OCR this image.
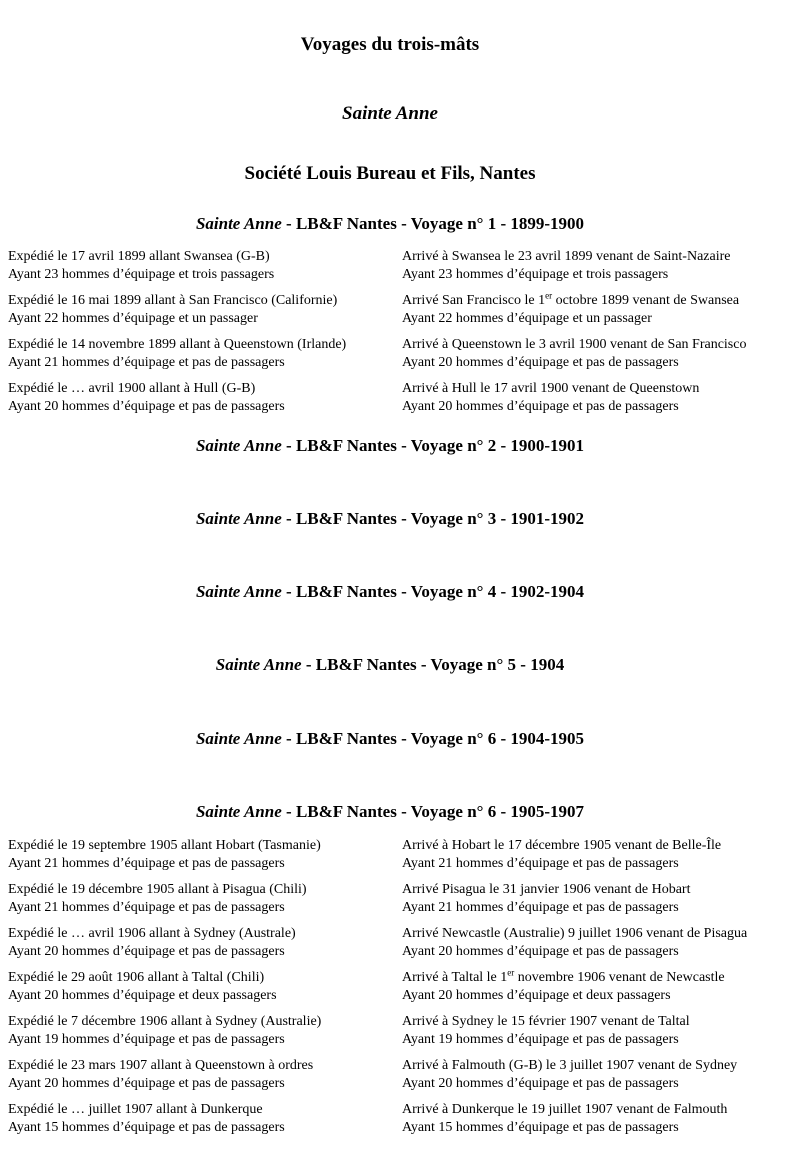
Voyages du trois-mâts
Sainte Anne
Société Louis Bureau et Fils, Nantes
Sainte Anne - LB&F Nantes - Voyage n° 1 - 1899-1900
Expédié le 17 avril 1899 allant Swansea (G-B)
Ayant 23 hommes d’équipage et trois passagers
Arrivé à Swansea le 23 avril 1899 venant de Saint-Nazaire
Ayant 23 hommes d’équipage et trois passagers
Expédié le 16 mai 1899 allant à San Francisco (Californie)
Ayant 22 hommes d’équipage et un passager
Arrivé San Francisco le 1er octobre 1899 venant de Swansea
Ayant 22 hommes d’équipage et un passager
Expédié le 14 novembre 1899 allant à Queenstown (Irlande)
Ayant 21 hommes d’équipage et pas de passagers
Arrivé à Queenstown le 3 avril 1900 venant de San Francisco
Ayant 20 hommes d’équipage et pas de passagers
Expédié le … avril 1900 allant à Hull (G-B)
Ayant 20 hommes d’équipage et pas de passagers
Arrivé à Hull le 17 avril 1900 venant de Queenstown
Ayant 20 hommes d’équipage et pas de passagers
Sainte Anne - LB&F Nantes - Voyage n° 2 - 1900-1901
Sainte Anne - LB&F Nantes - Voyage n° 3 - 1901-1902
Sainte Anne - LB&F Nantes - Voyage n° 4 - 1902-1904
Sainte Anne - LB&F Nantes - Voyage n° 5 - 1904
Sainte Anne - LB&F Nantes - Voyage n° 6 - 1904-1905
Sainte Anne - LB&F Nantes - Voyage n° 6 - 1905-1907
Expédié le 19 septembre 1905 allant Hobart (Tasmanie)
Ayant 21 hommes d’équipage et pas de passagers
Arrivé à Hobart le 17 décembre 1905 venant de Belle-Île
Ayant 21 hommes d’équipage et pas de passagers
Expédié le 19 décembre 1905 allant à Pisagua (Chili)
Ayant 21 hommes d’équipage et pas de passagers
Arrivé Pisagua le 31 janvier 1906 venant de Hobart
Ayant 21 hommes d’équipage et pas de passagers
Expédié le … avril 1906 allant à Sydney (Australe)
Ayant 20 hommes d’équipage et pas de passagers
Arrivé Newcastle (Australie) 9 juillet 1906 venant de Pisagua
Ayant 20 hommes d’équipage et pas de passagers
Expédié le 29 août 1906 allant à Taltal (Chili)
Ayant 20 hommes d’équipage et deux passagers
Arrivé à Taltal le 1er novembre 1906 venant de Newcastle
Ayant 20 hommes d’équipage et deux passagers
Expédié le 7 décembre 1906 allant à Sydney (Australie)
Ayant 19 hommes d’équipage et pas de passagers
Arrivé à Sydney le 15 février 1907 venant de Taltal
Ayant 19 hommes d’équipage et pas de passagers
Expédié le 23 mars 1907 allant à Queenstown à ordres
Ayant 20 hommes d’équipage et pas de passagers
Arrivé à Falmouth (G-B) le 3 juillet 1907 venant de Sydney
Ayant 20 hommes d’équipage et pas de passagers
Expédié le … juillet 1907 allant à Dunkerque
Ayant 15 hommes d’équipage et pas de passagers
Arrivé à Dunkerque le 19 juillet 1907 venant de Falmouth
Ayant 15 hommes d’équipage et pas de passagers
